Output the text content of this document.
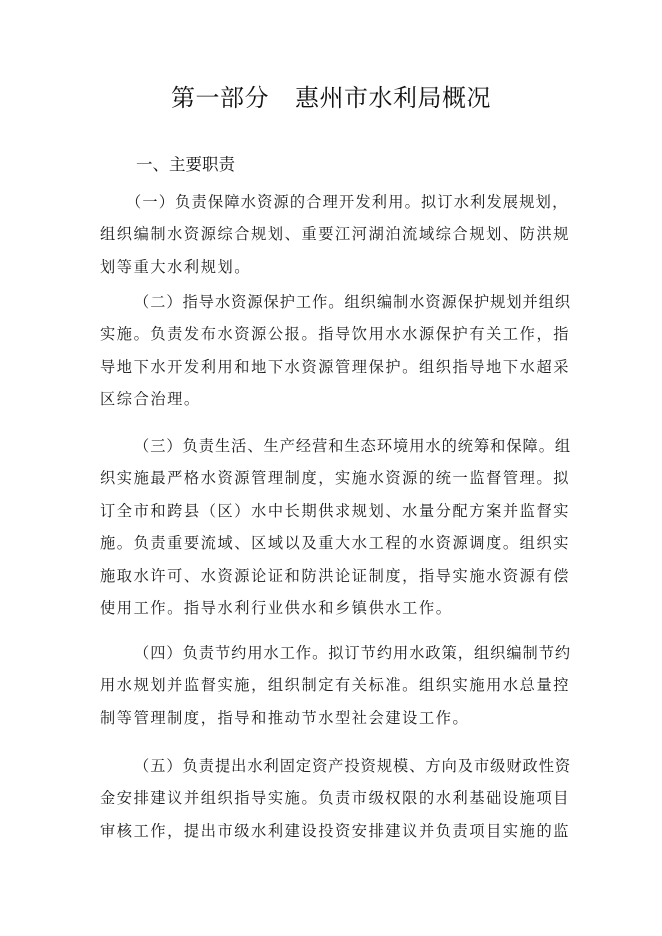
第一部分 惠州市水利局概况
一、主要职责
（一）负责保障水资源的合理开发利用。拟订水利发展规划，
组织编制水资源综合规划、重要江河湖泊流域综合规划、防洪规
划等重大水利规划。
（二）指导水资源保护工作。组织编制水资源保护规划并组织
实施。负责发布水资源公报。指导饮用水水源保护有关工作，指
导地下水开发利用和地下水资源管理保护。组织指导地下水超采
区综合治理。
（三）负责生活、生产经营和生态环境用水的统筹和保障。组
织实施最严格水资源管理制度，实施水资源的统一监督管理。拟
订全市和跨县（区）水中长期供求规划、水量分配方案并监督实
施。负责重要流域、区域以及重大水工程的水资源调度。组织实
施取水许可、水资源论证和防洪论证制度，指导实施水资源有偿
使用工作。指导水利行业供水和乡镇供水工作。
（四）负责节约用水工作。拟订节约用水政策，组织编制节约
用水规划并监督实施，组织制定有关标准。组织实施用水总量控
制等管理制度，指导和推动节水型社会建设工作。
（五）负责提出水利固定资产投资规模、方向及市级财政性资
金安排建议并组织指导实施。负责市级权限的水利基础设施项目
审核工作，提出市级水利建设投资安排建议并负责项目实施的监
